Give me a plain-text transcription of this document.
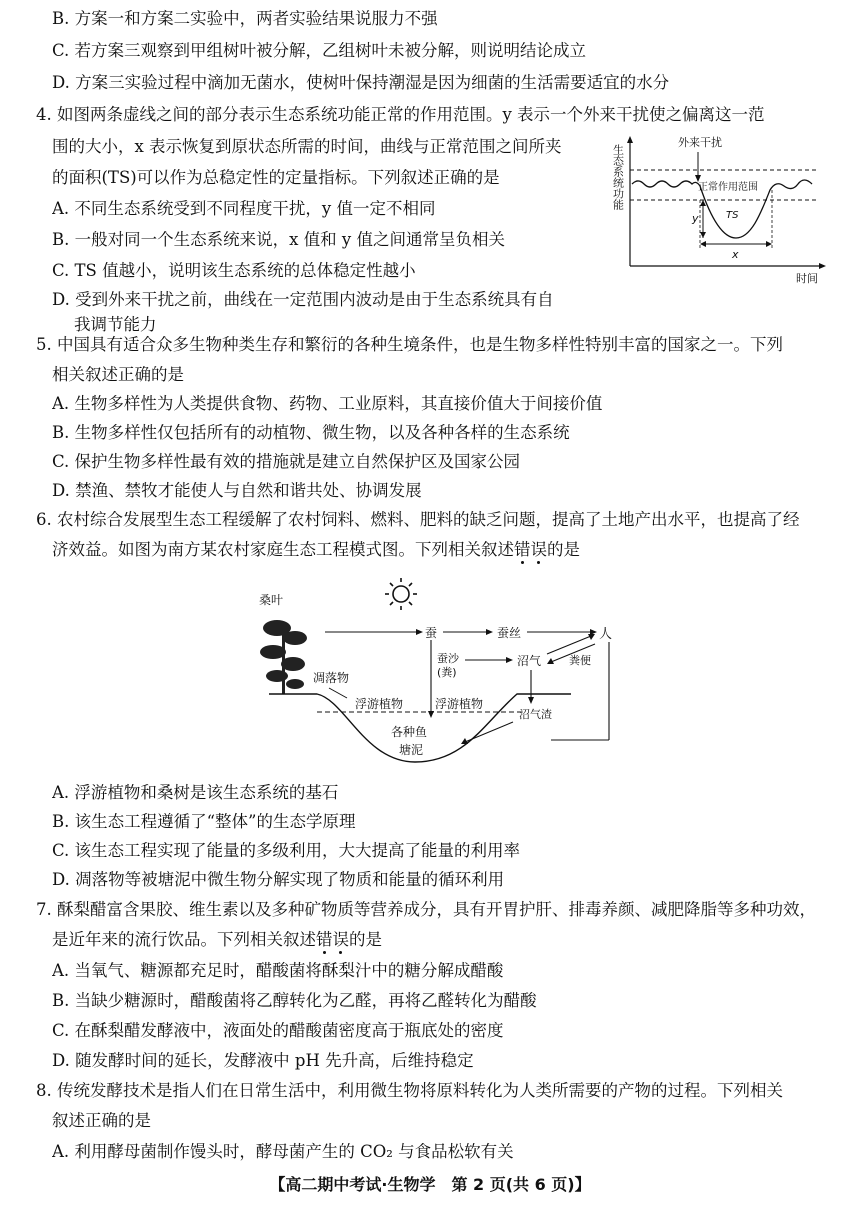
B. 方案一和方案二实验中，两者实验结果说服力不强
C. 若方案三观察到甲组树叶被分解，乙组树叶未被分解，则说明结论成立
D. 方案三实验过程中滴加无菌水，使树叶保持潮湿是因为细菌的生活需要适宜的水分
4. 如图两条虚线之间的部分表示生态系统功能正常的作用范围。y 表示一个外来干扰使之偏离这一范
围的大小，x 表示恢复到原状态所需的时间，曲线与正常范围之间所夹
的面积(TS)可以作为总稳定性的定量指标。下列叙述正确的是
A. 不同生态系统受到不同程度干扰，y 值一定不相同
B. 一般对同一个生态系统来说，x 值和 y 值之间通常呈负相关
C. TS 值越小，说明该生态系统的总体稳定性越小
D. 受到外来干扰之前，曲线在一定范围内波动是由于生态系统具有自
我调节能力
生态系统功能
外来干扰
正常作用范围
y	TS
x
时间
5. 中国具有适合众多生物种类生存和繁衍的各种生境条件，也是生物多样性特别丰富的国家之一。下列
相关叙述正确的是
A. 生物多样性为人类提供食物、药物、工业原料，其直接价值大于间接价值
B. 生物多样性仅包括所有的动植物、微生物，以及各种各样的生态系统
C. 保护生物多样性最有效的措施就是建立自然保护区及国家公园
D. 禁渔、禁牧才能使人与自然和谐共处、协调发展
6. 农村综合发展型生态工程缓解了农村饲料、燃料、肥料的缺乏问题，提高了土地产出水平，也提高了经
济效益。如图为南方某农村家庭生态工程模式图。下列相关叙述错误的是
桑叶
蚕	蚕丝	人
蚕沙
(粪)
沼气	粪便
沼气渣
凋落物
浮游植物	浮游植物
各种鱼
塘泥
A. 浮游植物和桑树是该生态系统的基石
B. 该生态工程遵循了“整体”的生态学原理
C. 该生态工程实现了能量的多级利用，大大提高了能量的利用率
D. 凋落物等被塘泥中微生物分解实现了物质和能量的循环利用
7. 酥梨醋富含果胶、维生素以及多种矿物质等营养成分，具有开胃护肝、排毒养颜、减肥降脂等多种功效，
是近年来的流行饮品。下列相关叙述错误的是
A. 当氧气、糖源都充足时，醋酸菌将酥梨汁中的糖分解成醋酸
B. 当缺少糖源时，醋酸菌将乙醇转化为乙醛，再将乙醛转化为醋酸
C. 在酥梨醋发酵液中，液面处的醋酸菌密度高于瓶底处的密度
D. 随发酵时间的延长，发酵液中 pH 先升高，后维持稳定
8. 传统发酵技术是指人们在日常生活中，利用微生物将原料转化为人类所需要的产物的过程。下列相关
叙述正确的是
A. 利用酵母菌制作馒头时，酵母菌产生的 CO₂ 与食品松软有关
【高二期中考试·生物学　第 2 页(共 6 页)】
